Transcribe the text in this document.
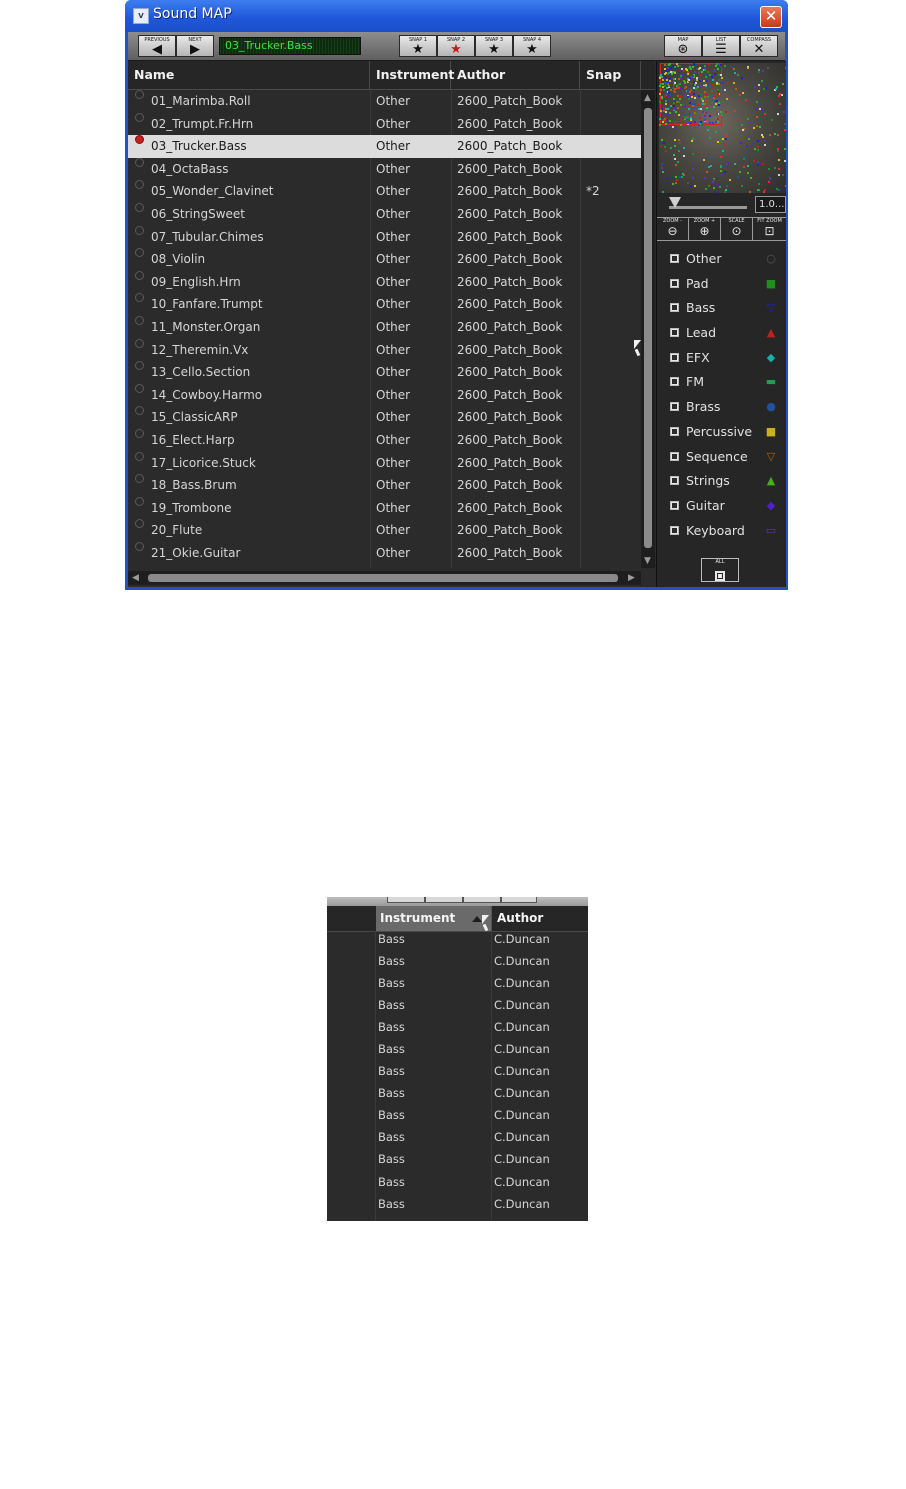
V Sound MAP	✕
PREVIOUS
◀
NEXT
▶	03_Trucker.Bass	SNAP 1
★
SNAP 2
★
SNAP 3
★
SNAP 4
★
MAP
⊛
LIST
☰
COMPASS
✕
Name	Instrument Author	Snap
01_Marimba.Roll	Other	2600_Patch_Book
02_Trumpt.Fr.Hrn	Other	2600_Patch_Book
03_Trucker.Bass	Other	2600_Patch_Book
04_OctaBass	Other	2600_Patch_Book
05_Wonder_Clavinet	Other	2600_Patch_Book *2
06_StringSweet	Other	2600_Patch_Book
07_Tubular.Chimes	Other	2600_Patch_Book
08_Violin	Other	2600_Patch_Book
09_English.Hrn	Other	2600_Patch_Book
10_Fanfare.Trumpt	Other	2600_Patch_Book
11_Monster.Organ	Other	2600_Patch_Book
12_Theremin.Vx	Other	2600_Patch_Book
13_Cello.Section	Other	2600_Patch_Book
14_Cowboy.Harmo	Other	2600_Patch_Book
15_ClassicARP	Other	2600_Patch_Book
16_Elect.Harp	Other	2600_Patch_Book
17_Licorice.Stuck	Other	2600_Patch_Book
18_Bass.Brum	Other	2600_Patch_Book
19_Trombone	Other	2600_Patch_Book
20_Flute	Other	2600_Patch_Book
21_Okie.Guitar	Other	2600_Patch_Book
▲
▼
◀	▶
1.0...
ZOOM -
⊖
ZOOM +
⊕
SCALE
⊙
FIT ZOOM
⊡
Other	○
Pad	■
Bass	▽
Lead	▲
EFX	◆
FM	▬
Brass	●
Percussive ■
Sequence ▽
Strings	▲
Guitar	◆
Keyboard ▭
ALL
Instrument	Author
Bass	C.Duncan
Bass	C.Duncan
Bass	C.Duncan
Bass	C.Duncan
Bass	C.Duncan
Bass	C.Duncan
Bass	C.Duncan
Bass	C.Duncan
Bass	C.Duncan
Bass	C.Duncan
Bass	C.Duncan
Bass	C.Duncan
Bass	C.Duncan
